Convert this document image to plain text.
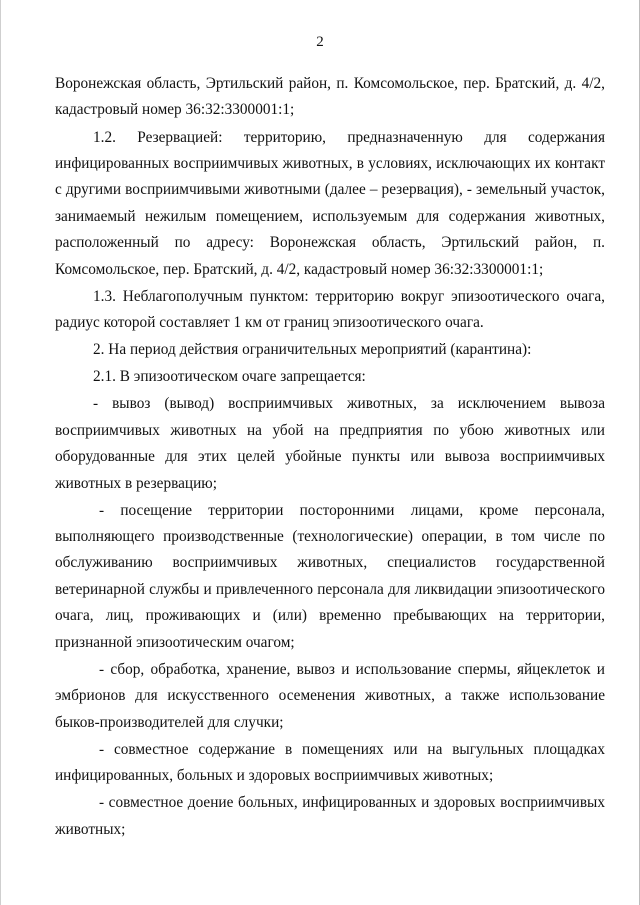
2

Воронежская область, Эртильский район, п. Комсомольское, пер. Братский, д. 4/2, кадастровый номер 36:32:3300001:1;

1.2. Резервацией: территорию, предназначенную для содержания инфицированных восприимчивых животных, в условиях, исключающих их контакт с другими восприимчивыми животными (далее – резервация), - земельный участок, занимаемый нежилым помещением, используемым для содержания животных, расположенный по адресу: Воронежская область, Эртильский район, п. Комсомольское, пер. Братский, д. 4/2, кадастровый номер 36:32:3300001:1;

1.3. Неблагополучным пунктом: территорию вокруг эпизоотического очага, радиус которой составляет 1 км от границ эпизоотического очага.

2. На период действия ограничительных мероприятий (карантина):

2.1. В эпизоотическом очаге запрещается:

- вывоз (вывод) восприимчивых животных, за исключением вывоза восприимчивых животных на убой на предприятия по убою животных или оборудованные для этих целей убойные пункты или вывоза восприимчивых животных в резервацию;

- посещение территории посторонними лицами, кроме персонала, выполняющего производственные (технологические) операции, в том числе по обслуживанию восприимчивых животных, специалистов государственной ветеринарной службы и привлеченного персонала для ликвидации эпизоотического очага, лиц, проживающих и (или) временно пребывающих на территории, признанной эпизоотическим очагом;

- сбор, обработка, хранение, вывоз и использование спермы, яйцеклеток и эмбрионов для искусственного осеменения животных, а также использование быков-производителей для случки;

- совместное содержание в помещениях или на выгульных площадках инфицированных, больных и здоровых восприимчивых животных;

- совместное доение больных, инфицированных и здоровых восприимчивых животных;
